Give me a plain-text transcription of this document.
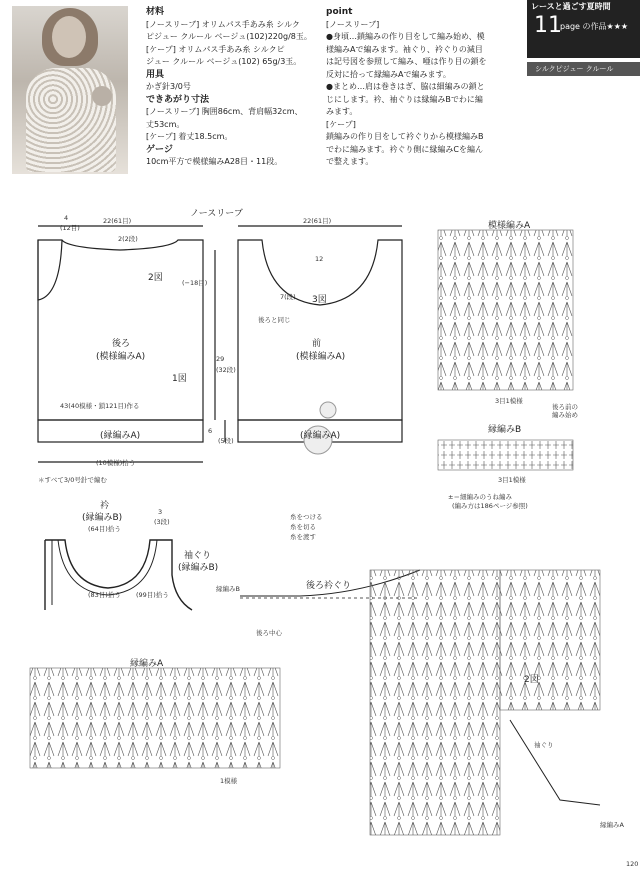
レースと過ごす夏時間
11
page の作品★★★
シルクピジュー クルール
材料
[ノースリーブ] オリムパス手あみ糸 シルク
ピジュー クルール ベージュ(102)220g/8玉。
[ケープ] オリムパス手あみ糸 シルクピ
ジュー クルール ベージュ(102) 65g/3玉。
用具
かぎ針3/0号
できあがり寸法
[ノースリーブ] 胸囲86cm、背肩幅32cm、
丈53cm。
[ケープ] 着丈18.5cm。
ゲージ
10cm平方で模様編みA28目・11段。
point
[ノースリーブ]
●身頃…鎖編みの作り目をして編み始め、模
様編みAで編みます。袖ぐり、衿ぐりの減目
は記号図を参照して編み、唖は作り目の鎖を
反対に拾って縁編みAで編みます。
●まとめ…肩は巻きはぎ、脇は細編みの鎖と
じにします。衿、袖ぐりは縁編みBでわに編
みます。
[ケープ]
鎖編みの作り目をして衿ぐりから模様編みB
でわに編みます。衿ぐり側に縁編みCを編ん
で整えます。
ノースリーブ
22(61目)	22(61目)
4
(12目)
2(2段)
2図	(−18目)
後ろ
(模様編みA)
1図
43(40模様・鎖121目)作る
(縁編みA)
29
(32段)
6
(5段)
(10模様)拾う
＊すべて3/0号針で編む
12
7(段)
後ろと同じ
3図
前
(模様編みA)
(縁編みA)
衿
(縁編みB)
(64目)拾う
(83目)拾う
3
(3段)
袖ぐり
(縁編みB)
(99目)拾う
糸をつける
糸を切る
糸を渡す
模様編みA
3目1模様
後ろ前の
編み始め
縁編みB
3目1模様
±＝細編みのうね編み
(編み方は186ページ参照)
後ろ衿ぐり
縁編みB
後ろ中心
2図
袖ぐり
縁編みA
縁編みA
1模様
120
